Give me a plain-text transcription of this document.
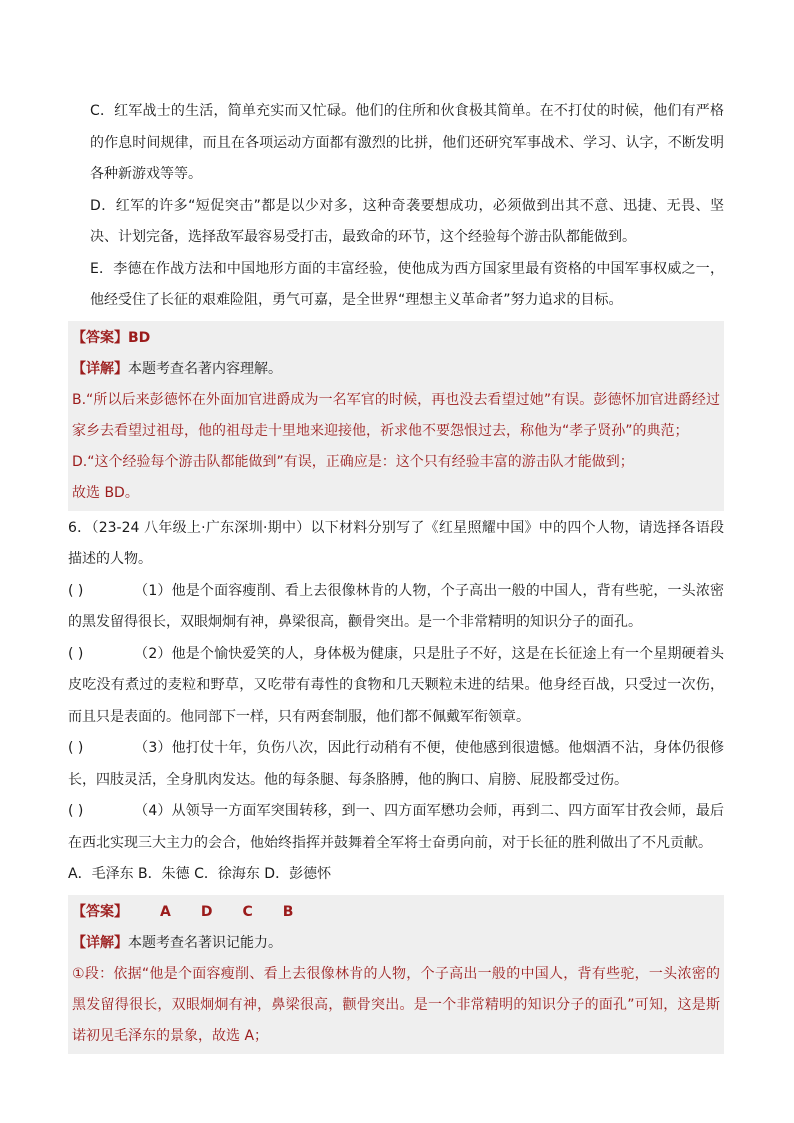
C．红军战士的生活，简单充实而又忙碌。他们的住所和伙食极其简单。在不打仗的时候，他们有严格的作息时间规律，而且在各项运动方面都有激烈的比拼，他们还研究军事战术、学习、认字，不断发明各种新游戏等等。

D．红军的许多“短促突击”都是以少对多，这种奇袭要想成功，必须做到出其不意、迅捷、无畏、坚决、计划完备，选择敌军最容易受打击，最致命的环节，这个经验每个游击队都能做到。

E．李德在作战方法和中国地形方面的丰富经验，使他成为西方国家里最有资格的中国军事权威之一，他经受住了长征的艰难险阻，勇气可嘉，是全世界“理想主义革命者”努力追求的目标。

【答案】BD

【详解】本题考查名著内容理解。

B.“所以后来彭德怀在外面加官进爵成为一名军官的时候，再也没去看望过她”有误。彭德怀加官进爵经过家乡去看望过祖母，他的祖母走十里地来迎接他，祈求他不要怨恨过去，称他为“孝子贤孙”的典范；

D.“这个经验每个游击队都能做到”有误，正确应是：这个只有经验丰富的游击队才能做到；

故选 BD。

6．（23-24 八年级上·广东深圳·期中）以下材料分别写了《红星照耀中国》中的四个人物，请选择各语段描述的人物。

( )	（1）他是个面容瘦削、看上去很像林肯的人物，个子高出一般的中国人，背有些驼，一头浓密的黑发留得很长，双眼炯炯有神，鼻梁很高，颧骨突出。是一个非常精明的知识分子的面孔。

( )	（2）他是个愉快爱笑的人，身体极为健康，只是肚子不好，这是在长征途上有一个星期硬着头皮吃没有煮过的麦粒和野草，又吃带有毒性的食物和几天颗粒未进的结果。他身经百战，只受过一次伤，而且只是表面的。他同部下一样，只有两套制服，他们都不佩戴军衔领章。

( )	（3）他打仗十年，负伤八次，因此行动稍有不便，使他感到很遗憾。他烟酒不沾，身体仍很修长，四肢灵活，全身肌肉发达。他的每条腿、每条胳膊，他的胸口、肩膀、屁股都受过伤。

( )	（4）从领导一方面军突围转移，到一、四方面军懋功会师，再到二、四方面军甘孜会师，最后在西北实现三大主力的会合，他始终指挥并鼓舞着全军将士奋勇向前，对于长征的胜利做出了不凡贡献。

A．毛泽东 B．朱德 C．徐海东 D．彭德怀

【答案】 A D C B

【详解】本题考查名著识记能力。

①段：依据“他是个面容瘦削、看上去很像林肯的人物，个子高出一般的中国人，背有些驼，一头浓密的黑发留得很长，双眼炯炯有神，鼻梁很高，颧骨突出。是一个非常精明的知识分子的面孔”可知，这是斯诺初见毛泽东的景象，故选 A；
